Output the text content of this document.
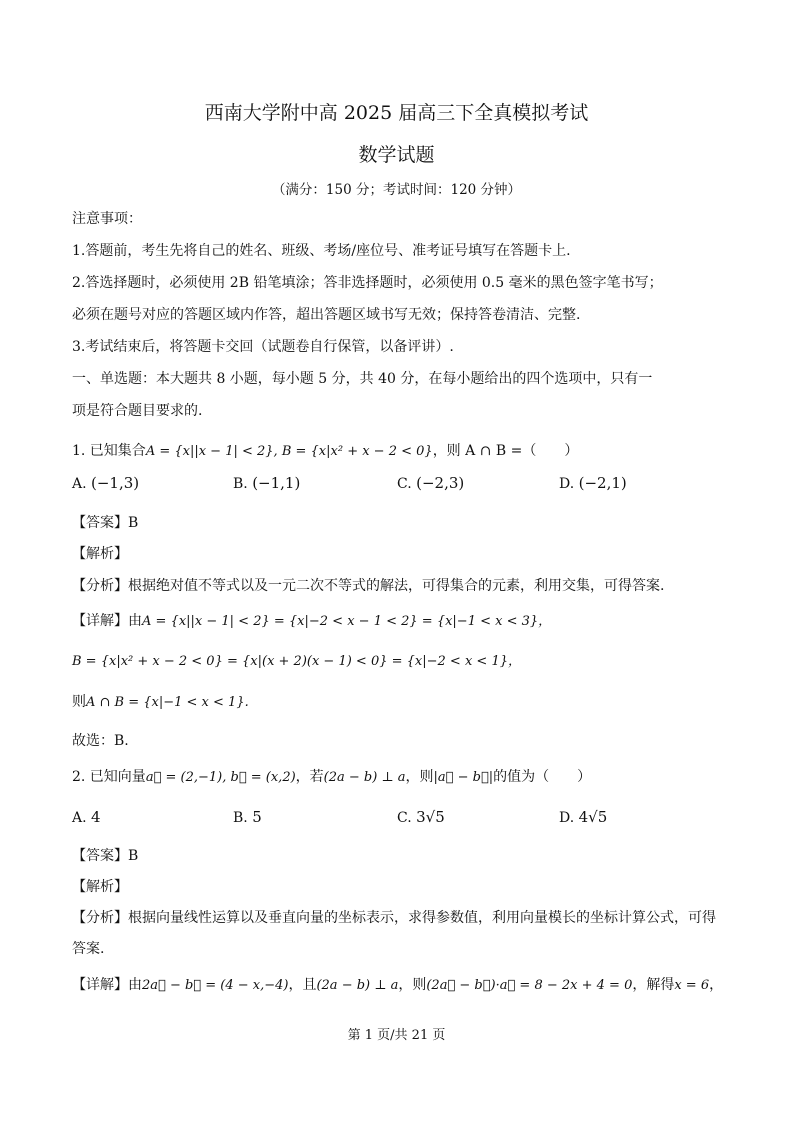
西南大学附中高 2025 届高三下全真模拟考试
数学试题
（满分：150 分；考试时间：120 分钟）
注意事项：
1.答题前，考生先将自己的姓名、班级、考场/座位号、准考证号填写在答题卡上.
2.答选择题时，必须使用 2B 铅笔填涂；答非选择题时，必须使用 0.5 毫米的黑色签字笔书写；
必须在题号对应的答题区域内作答，超出答题区域书写无效；保持答卷清洁、完整.
3.考试结束后，将答题卡交回（试题卷自行保管，以备评讲）.
一、单选题：本大题共 8 小题，每小题 5 分，共 40 分，在每小题给出的四个选项中，只有一
项是符合题目要求的.
1. 已知集合A = {x||x − 1| < 2}, B = {x|x² + x − 2 < 0}，则 A ∩ B =（　　）
A. (−1,3)	B. (−1,1)	C. (−2,3)	D. (−2,1)
【答案】B
【解析】
【分析】根据绝对值不等式以及一元二次不等式的解法，可得集合的元素，利用交集，可得答案.
【详解】由A = {x||x − 1| < 2} = {x|−2 < x − 1 < 2} = {x|−1 < x < 3}，
B = {x|x² + x − 2 < 0} = {x|(x + 2)(x − 1) < 0} = {x|−2 < x < 1}，
则A ∩ B = {x|−1 < x < 1}.
故选：B.
2. 已知向量a⃗ = (2,−1), b⃗ = (x,2)，若(2a − b) ⊥ a，则|a⃗ − b⃗|的值为（　　）
A. 4	B. 5	C. 3√5	D. 4√5
【答案】B
【解析】
【分析】根据向量线性运算以及垂直向量的坐标表示，求得参数值，利用向量模长的坐标计算公式，可得
答案.
【详解】由2a⃗ − b⃗ = (4 − x,−4)，且(2a − b) ⊥ a，则(2a⃗ − b⃗)·a⃗ = 8 − 2x + 4 = 0，解得x = 6，
第 1 页/共 21 页
